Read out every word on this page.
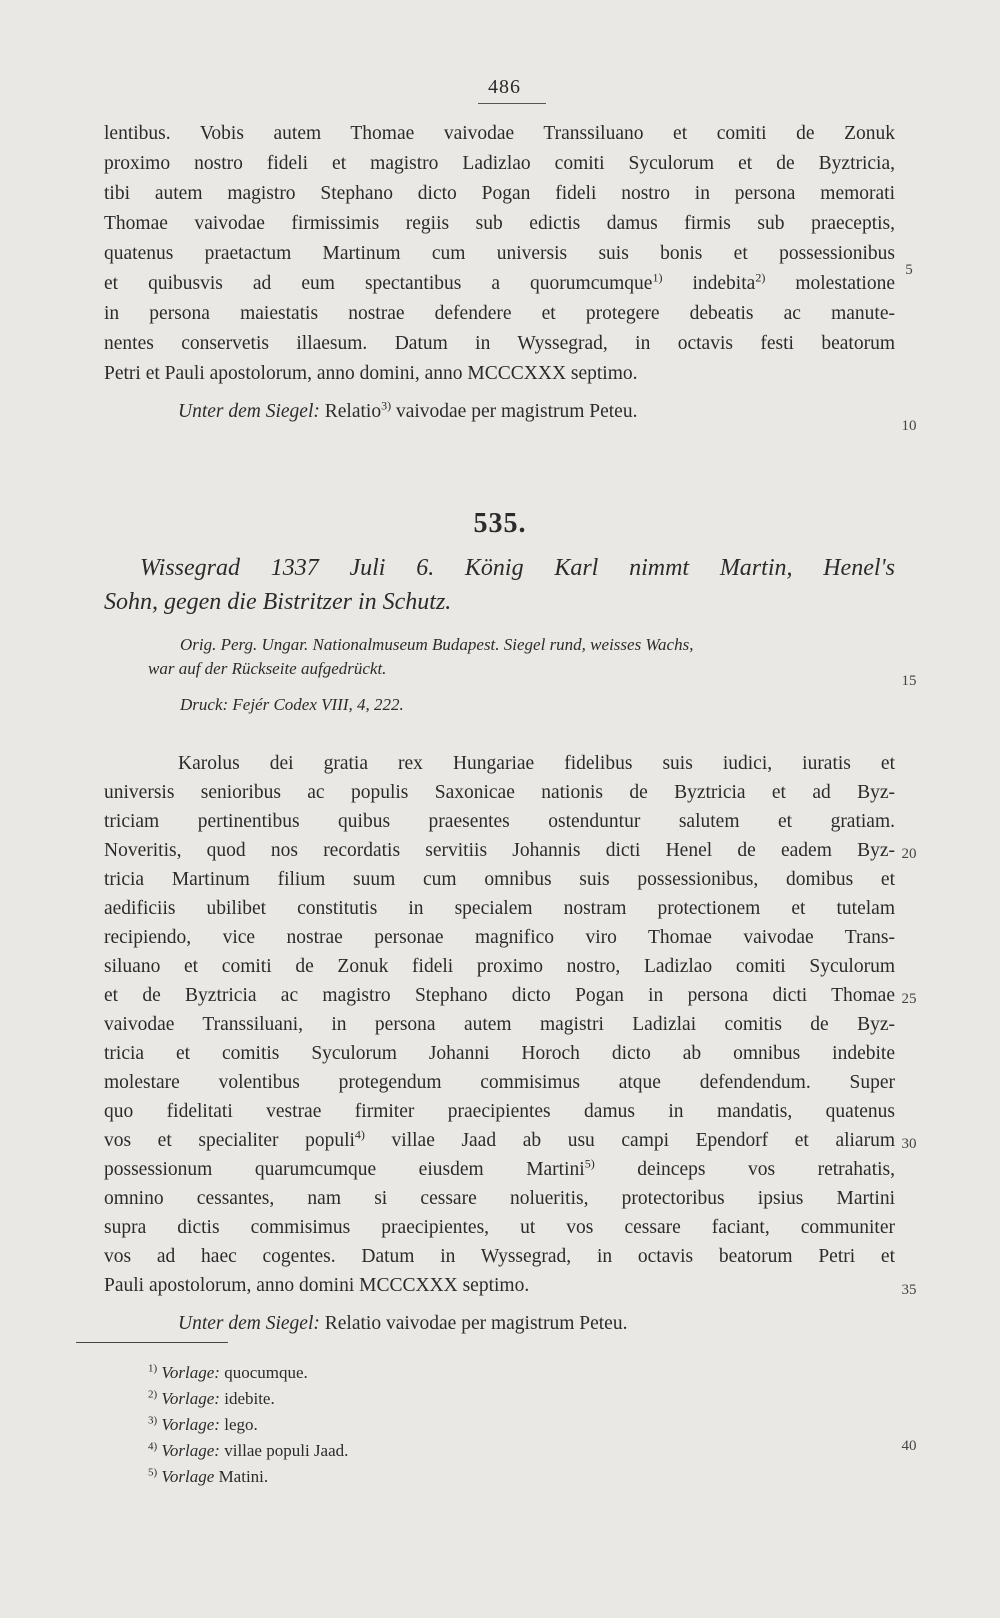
486
lentibus. Vobis autem Thomae vaivodae Transsiluano et comiti de Zonuk
proximo nostro fideli et magistro Ladizlao comiti Syculorum et de Byztricia,
tibi autem magistro Stephano dicto Pogan fideli nostro in persona memorati
Thomae vaivodae firmissimis regiis sub edictis damus firmis sub praeceptis,
quatenus praetactum Martinum cum universis suis bonis et possessionibus
et quibusvis ad eum spectantibus a quorumcumque$^{1)}$ indebita$^{2)}$ molestatione
in persona maiestatis nostrae defendere et protegere debeatis ac manute-
nentes conservetis illaesum. Datum in Wyssegrad, in octavis festi beatorum
Petri et Pauli apostolorum, anno domini, anno MCCCXXX septimo.
Unter dem Siegel: Relatio$^{3)}$ vaivodae per magistrum Peteu.
535.
Wissegrad 1337 Juli 6. König Karl nimmt Martin, Henel's
Sohn, gegen die Bistritzer in Schutz.
Orig. Perg. Ungar. Nationalmuseum Budapest. Siegel rund, weisses Wachs,
war auf der Rückseite aufgedrückt.
Druck: Fejér Codex VIII, 4, 222.
Karolus dei gratia rex Hungariae fidelibus suis iudici, iuratis et
universis senioribus ac populis Saxonicae nationis de Byztricia et ad Byz-
triciam pertinentibus quibus praesentes ostenduntur salutem et gratiam.
Noveritis, quod nos recordatis servitiis Johannis dicti Henel de eadem Byz-
tricia Martinum filium suum cum omnibus suis possessionibus, domibus et
aedificiis ubilibet constitutis in specialem nostram protectionem et tutelam
recipiendo, vice nostrae personae magnifico viro Thomae vaivodae Trans-
siluano et comiti de Zonuk fideli proximo nostro, Ladizlao comiti Syculorum
et de Byztricia ac magistro Stephano dicto Pogan in persona dicti Thomae
vaivodae Transsiluani, in persona autem magistri Ladizlai comitis de Byz-
tricia et comitis Syculorum Johanni Horoch dicto ab omnibus indebite
molestare volentibus protegendum commisimus atque defendendum. Super
quo fidelitati vestrae firmiter praecipientes damus in mandatis, quatenus
vos et specialiter populi$^{4)}$ villae Jaad ab usu campi Ependorf et aliarum
possessionum quarumcumque eiusdem Martini$^{5)}$ deinceps vos retrahatis,
omnino cessantes, nam si cessare nolueritis, protectoribus ipsius Martini
supra dictis commisimus praecipientes, ut vos cessare faciant, communiter
vos ad haec cogentes. Datum in Wyssegrad, in octavis beatorum Petri et
Pauli apostolorum, anno domini MCCCXXX septimo.
Unter dem Siegel: Relatio vaivodae per magistrum Peteu.
$^{1)}$ Vorlage: quocumque.
$^{2)}$ Vorlage: idebite.
$^{3)}$ Vorlage: lego.
$^{4)}$ Vorlage: villae populi Jaad.
$^{5)}$ Vorlage Matini.
5
10
15
20
25
30
35
40
